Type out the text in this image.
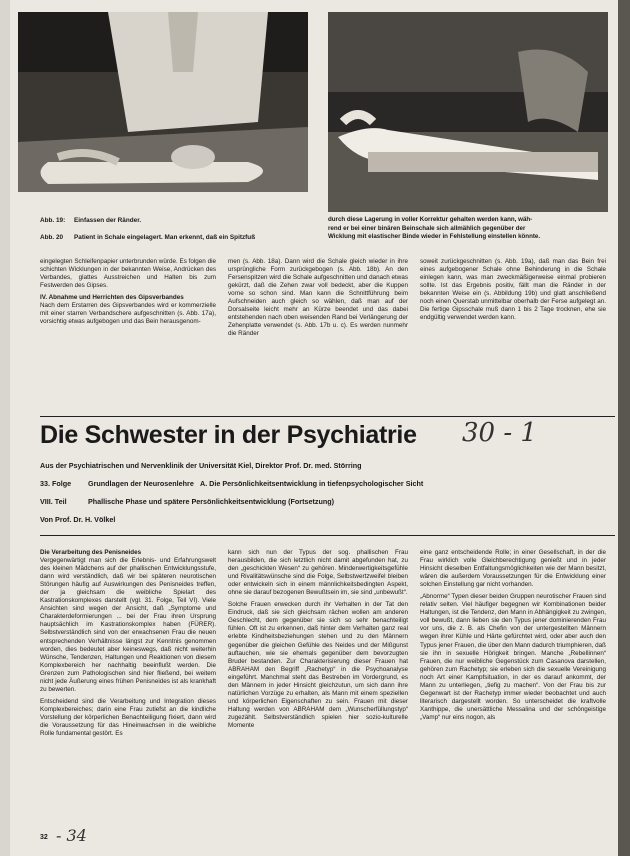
Abb. 19: Einfassen der Ränder.
Abb. 20 Patient in Schale eingelagert. Man erkennt, daß ein Spitzfuß
durch diese Lagerung in voller Korrektur gehalten werden kann, wäh-
rend er bei einer binären Beinschale sich allmählich gegenüber der
Wicklung mit elastischer Binde wieder in Fehlstellung einstellen könnte.

eingelegten Schleifenpapier unterbrunden würde. Es folgen die schichten Wicklungen in der bekannten Weise, Andrücken des Verbandes, glattes Ausstreichen und Halten bis zum Festwerden des Gipses.

IV. Abnahme und Herrichten des Gipsverbandes

Nach dem Erstarren des Gipsverbandes wird er kommerzielle mit einer starren Verbandschere aufgeschnitten (s. Abb. 17a), vorsichtig etwas aufgebogen und das Bein herausgenom-

men (s. Abb. 18a). Dann wird die Schale gleich wieder in ihre ursprüngliche Form zurückgebogen (s. Abb. 18b). An den Fersenspitzen wird die Schale aufgeschnitten und danach etwas gekürzt, daß die Zehen zwar voll bedeckt, aber die Kuppen vorne so schon sind. Man kann die Schnittführung beim Aufschneiden auch gleich so wählen, daß man auf der Dorsalseite leicht mehr an Kürze beendet und das dabei entstehenden nach oben weisenden Rand bei Verlängerung der Zehenplatte verwendet (s. Abb. 17b u. c). Es werden nunmehr die Ränder

soweit zurückgeschnitten (s. Abb. 19a), daß man das Bein frei eines aufgebogener Schale ohne Behinderung in die Schale einlegen kann, was man zweckmäßigerweise einmal probieren sollte. Ist das Ergebnis positiv, fällt man die Ränder in der bekannten Weise ein (s. Abbildung 19b) und glatt anschließend noch einen Querstab unmittelbar oberhalb der Ferse aufgelegt an. Die fertige Gipsschale muß dann 1 bis 2 Tage trocknen, ehe sie endgültig verwendet werden kann.

Die Schwester in der Psychiatrie 30 - 1
Aus der Psychiatrischen und Nervenklinik der Universität Kiel, Direktor Prof. Dr. med. Störring
33. Folge Grundlagen der Neurosenlehre A. Die Persönlichkeitsentwicklung in tiefenpsychologischer Sicht
VIII. Teil	Phallische Phase und spätere Persönlichkeitsentwicklung (Fortsetzung)
Von Prof. Dr. H. Völkel

Die Verarbeitung des Penisneides

Vergegenwärtigt man sich die Erlebnis- und Erfahrungswelt des kleinen Mädchens auf der phallischen Entwicklungsstufe, dann wird verständlich, daß wir bei späteren neurotischen Störungen häufig auf Auswirkungen des Penisneides treffen, der ja gleichsam die weibliche Spielart des Kastrationskomplexes darstellt (vgl. 31. Folge, Teil VI). Viele Ansichten sind wegen der Ansicht, daß „Symptome und Charakterdeformierungen ... bei der Frau ihren Ursprung hauptsächlich im Kastrationskomplex haben (FÜRER). Selbstverständlich sind von der erwachsenen Frau die neuen entsprechenden Verhältnisse längst zur Kenntnis genommen worden, dies bedeutet aber keineswegs, daß nicht weiterhin Wünsche, Tendenzen, Haltungen und Reaktionen von diesem Komplexbereich her nachhaltig beeinflußt werden. Die Grenzen zum Pathologischen sind hier fließend, bei weitem nicht jede Äußerung eines frühen Penisneides ist als krankhaft zu bewerten.

Entscheidend sind die Verarbeitung und Integration dieses Komplexbereiches; darin eine Frau zutiefst an die kindliche Vorstellung der körperlichen Benachteiligung fixiert, dann wird die Voraussetzung für das Hineinwachsen in die weibliche Rolle fundamental gestört. Es

kann sich nun der Typus der sog. phallischen Frau herausbilden, die sich letztlich nicht damit abgefunden hat, zu den „geschickten Wesen“ zu gehören. Minderwertigkeitsgefühle und Rivalitätswünsche sind die Folge, Selbstwertzweifel bleiben oder entwickeln sich in einem männlichkeitsbedingten Aspekt, ohne sie darauf bezogenen Bewußtsein im, sie sind „unbewußt“.

Solche Frauen erwecken durch ihr Verhalten in der Tat den Eindruck, daß sie sich gleichsam rächen wollen am anderen Geschlecht, dem gegenüber sie sich so sehr benachteiligt fühlen. Oft ist zu erkennen, daß hinter dem Verhalten ganz real erlebte Kindheitsbeziehungen stehen und zu den Männern gegenüber die gleichen Gefühle des Neides und der Mißgunst auftauchen, wie sie ehemals gegenüber dem bevorzugten Bruder bestanden. Zur Charakterisierung dieser Frauen hat ABRAHAM den Begriff „Rachetyp“ in die Psychoanalyse eingeführt. Manchmal steht das Bestreben im Vordergrund, es den Männern in jeder Hinsicht gleichzutun, um sich dann ihre natürlichen Vorzüge zu erhalten, als Mann mit einem speziellen und körperlichen Eigenschaften zu sein. Frauen mit dieser Haltung werden von ABRAHAM dem „Wunscherfüllungstyp“ zugezählt. Selbstverständlich spielen hier sozio-kulturelle Momente

eine ganz entscheidende Rolle; in einer Gesellschaft, in der die Frau wirklich volle Gleichberechtigung genießt und in jeder Hinsicht dieselben Entfaltungsmöglichkeiten wie der Mann besitzt, wären die außerdem Voraussetzungen für die Entwicklung einer solchen Einstellung gar nicht vorhanden.

„Abnorme“ Typen dieser beiden Gruppen neurotischer Frauen sind relativ selten. Viel häufiger begegnen wir Kombinationen beider Haltungen, ist die Tendenz, den Mann in Abhängigkeit zu zwingen, voll bewußt, dann lieben sie den Typus jener dominierenden Frau vor uns, die z. B. als Chefin von der untergestellten Männern wegen ihrer Kühle und Härte gefürchtet wird, oder aber auch den Typus jener Frauen, die über den Mann dadurch triumphieren, daß sie ihn in sexuelle Hörigkeit bringen. Manche „Rebellinnen“ Frauen, die nur weibliche Gegenstück zum Casanova darstellen, gehören zum Rachetyp; sie erleben sich die sexuelle Vereinigung noch Art einer Kampfsituation, in der es darauf ankommt, der Mann zu unterliegen, „tiefig zu machen“. Von der Frau bis zur Gegenwart ist der Rachetyp immer wieder beobachtet und auch literarisch dargestellt worden. So unterscheidet die kraftvolle Xanthippe, die unersättliche Messalina und der schöngeistige „Vamp“ nur eins nogon, als

32 - 34
